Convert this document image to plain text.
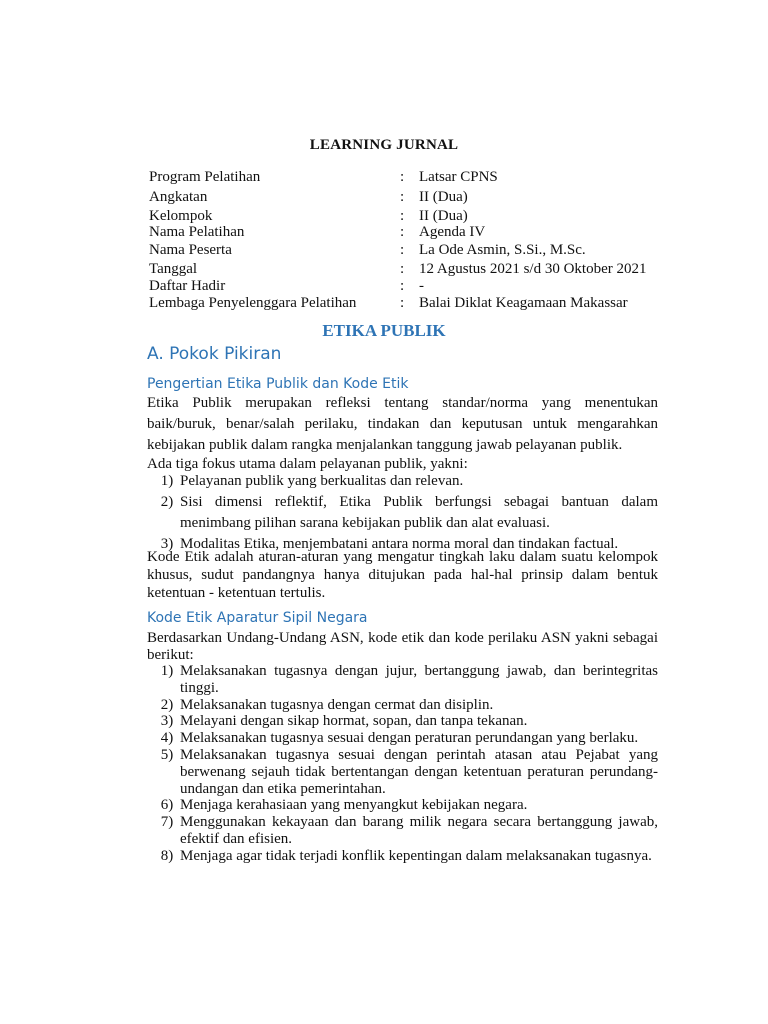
LEARNING JURNAL
Program Pelatihan	: Latsar CPNS
Angkatan	: II (Dua)
Kelompok	: II (Dua)
Nama Pelatihan	: Agenda IV
Nama Peserta	: La Ode Asmin, S.Si., M.Sc.
Tanggal	: 12 Agustus 2021 s/d 30 Oktober 2021
Daftar Hadir	: -
Lembaga Penyelenggara Pelatihan	: Balai Diklat Keagamaan Makassar
ETIKA PUBLIK
A. Pokok Pikiran
Pengertian Etika Publik dan Kode Etik
Etika Publik merupakan refleksi tentang standar/norma yang menentukan baik/buruk, benar/salah perilaku, tindakan dan keputusan untuk mengarahkan kebijakan publik dalam rangka menjalankan tanggung jawab pelayanan publik.
Ada tiga fokus utama dalam pelayanan publik, yakni:
1) Pelayanan publik yang berkualitas dan relevan.
2) Sisi dimensi reflektif, Etika Publik berfungsi sebagai bantuan dalam menimbang pilihan sarana kebijakan publik dan alat evaluasi.
3) Modalitas Etika, menjembatani antara norma moral dan tindakan factual.
Kode Etik adalah aturan-aturan yang mengatur tingkah laku dalam suatu kelompok khusus, sudut pandangnya hanya ditujukan pada hal-hal prinsip dalam bentuk ketentuan - ketentuan tertulis.
Kode Etik Aparatur Sipil Negara
Berdasarkan Undang-Undang ASN, kode etik dan kode perilaku ASN yakni sebagai berikut:
1) Melaksanakan tugasnya dengan jujur, bertanggung jawab, dan berintegritas tinggi.
2) Melaksanakan tugasnya dengan cermat dan disiplin.
3) Melayani dengan sikap hormat, sopan, dan tanpa tekanan.
4) Melaksanakan tugasnya sesuai dengan peraturan perundangan yang berlaku.
5) Melaksanakan tugasnya sesuai dengan perintah atasan atau Pejabat yang berwenang sejauh tidak bertentangan dengan ketentuan peraturan perundang-undangan dan etika pemerintahan.
6) Menjaga kerahasiaan yang menyangkut kebijakan negara.
7) Menggunakan kekayaan dan barang milik negara secara bertanggung jawab, efektif dan efisien.
8) Menjaga agar tidak terjadi konflik kepentingan dalam melaksanakan tugasnya.
